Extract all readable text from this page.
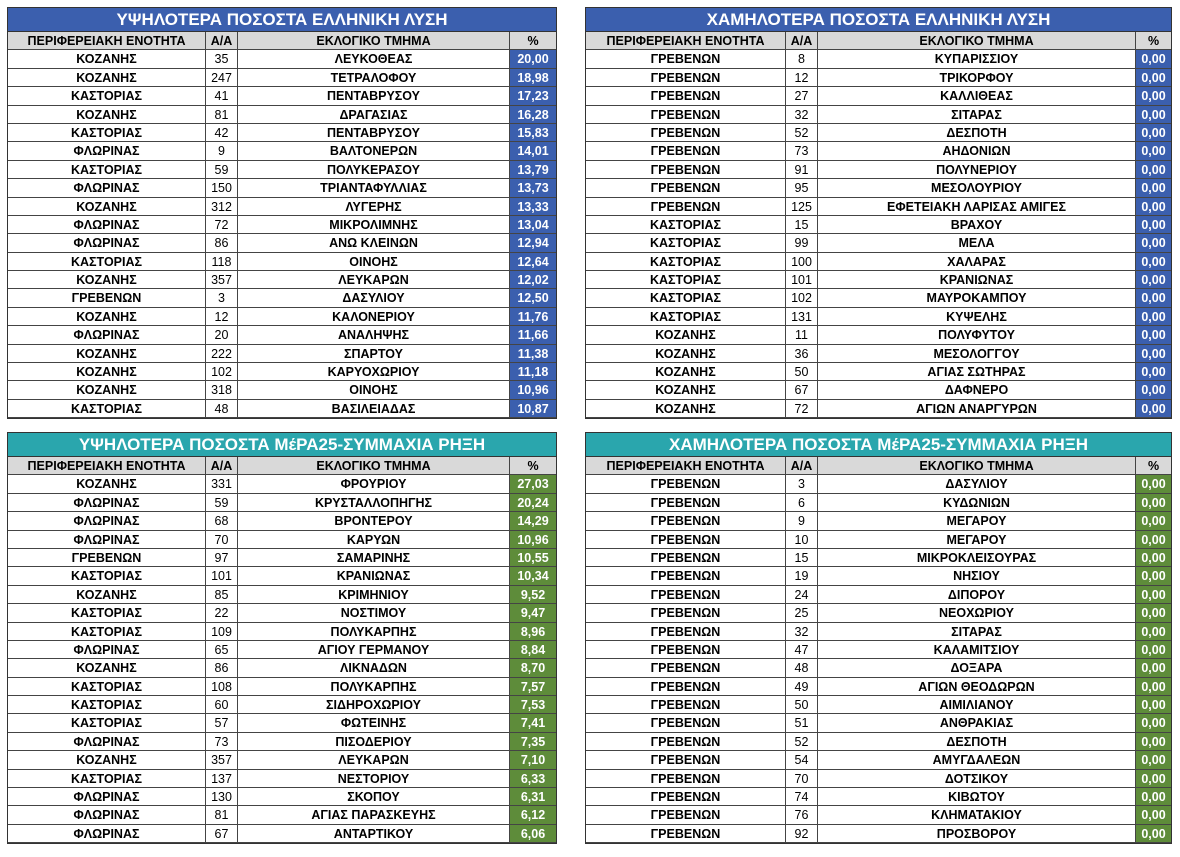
ΥΨΗΛΟΤΕΡΑ ΠΟΣΟΣΤΑ ΕΛΛΗΝΙΚΗ ΛΥΣΗ
ΠΕΡΙΦΕΡΕΙΑΚΗ ΕΝΟΤΗΤΑ	Α/Α	ΕΚΛΟΓΙΚΟ ΤΜΗΜΑ	%
ΚΟΖΑΝΗΣ	35	ΛΕΥΚΟΘΕΑΣ	20,00
ΚΟΖΑΝΗΣ	247	ΤΕΤΡΑΛΟΦΟΥ	18,98
ΚΑΣΤΟΡΙΑΣ	41	ΠΕΝΤΑΒΡΥΣΟΥ	17,23
ΚΟΖΑΝΗΣ	81	ΔΡΑΓΑΣΙΑΣ	16,28
ΚΑΣΤΟΡΙΑΣ	42	ΠΕΝΤΑΒΡΥΣΟΥ	15,83
ΦΛΩΡΙΝΑΣ	9	ΒΑΛΤΟΝΕΡΩΝ	14,01
ΚΑΣΤΟΡΙΑΣ	59	ΠΟΛΥΚΕΡΑΣΟΥ	13,79
ΦΛΩΡΙΝΑΣ	150	ΤΡΙΑΝΤΑΦΥΛΛΙΑΣ	13,73
ΚΟΖΑΝΗΣ	312	ΛΥΓΕΡΗΣ	13,33
ΦΛΩΡΙΝΑΣ	72	ΜΙΚΡΟΛΙΜΝΗΣ	13,04
ΦΛΩΡΙΝΑΣ	86	ΑΝΩ ΚΛΕΙΝΩΝ	12,94
ΚΑΣΤΟΡΙΑΣ	118	ΟΙΝΟΗΣ	12,64
ΚΟΖΑΝΗΣ	357	ΛΕΥΚΑΡΩΝ	12,02
ΓΡΕΒΕΝΩΝ	3	ΔΑΣΥΛΙΟΥ	12,50
ΚΟΖΑΝΗΣ	12	ΚΑΛΟΝΕΡΙΟΥ	11,76
ΦΛΩΡΙΝΑΣ	20	ΑΝΑΛΗΨΗΣ	11,66
ΚΟΖΑΝΗΣ	222	ΣΠΑΡΤΟΥ	11,38
ΚΟΖΑΝΗΣ	102	ΚΑΡΥΟΧΩΡΙΟΥ	11,18
ΚΟΖΑΝΗΣ	318	ΟΙΝΟΗΣ	10,96
ΚΑΣΤΟΡΙΑΣ	48	ΒΑΣΙΛΕΙΑΔΑΣ	10,87
ΧΑΜΗΛΟΤΕΡΑ ΠΟΣΟΣΤΑ ΕΛΛΗΝΙΚΗ ΛΥΣΗ
ΠΕΡΙΦΕΡΕΙΑΚΗ ΕΝΟΤΗΤΑ	Α/Α	ΕΚΛΟΓΙΚΟ ΤΜΗΜΑ	%
ΓΡΕΒΕΝΩΝ	8	ΚΥΠΑΡΙΣΣΙΟΥ	0,00
ΓΡΕΒΕΝΩΝ	12	ΤΡΙΚΟΡΦΟΥ	0,00
ΓΡΕΒΕΝΩΝ	27	ΚΑΛΛΙΘΕΑΣ	0,00
ΓΡΕΒΕΝΩΝ	32	ΣΙΤΑΡΑΣ	0,00
ΓΡΕΒΕΝΩΝ	52	ΔΕΣΠΟΤΗ	0,00
ΓΡΕΒΕΝΩΝ	73	ΑΗΔΟΝΙΩΝ	0,00
ΓΡΕΒΕΝΩΝ	91	ΠΟΛΥΝΕΡΙΟΥ	0,00
ΓΡΕΒΕΝΩΝ	95	ΜΕΣΟΛΟΥΡΙΟΥ	0,00
ΓΡΕΒΕΝΩΝ	125	ΕΦΕΤΕΙΑΚΗ ΛΑΡΙΣΑΣ ΑΜΙΓΕΣ	0,00
ΚΑΣΤΟΡΙΑΣ	15	ΒΡΑΧΟΥ	0,00
ΚΑΣΤΟΡΙΑΣ	99	ΜΕΛΑ	0,00
ΚΑΣΤΟΡΙΑΣ	100	ΧΑΛΑΡΑΣ	0,00
ΚΑΣΤΟΡΙΑΣ	101	ΚΡΑΝΙΩΝΑΣ	0,00
ΚΑΣΤΟΡΙΑΣ	102	ΜΑΥΡΟΚΑΜΠΟΥ	0,00
ΚΑΣΤΟΡΙΑΣ	131	ΚΥΨΕΛΗΣ	0,00
ΚΟΖΑΝΗΣ	11	ΠΟΛΥΦΥΤΟΥ	0,00
ΚΟΖΑΝΗΣ	36	ΜΕΣΟΛΟΓΓΟΥ	0,00
ΚΟΖΑΝΗΣ	50	ΑΓΙΑΣ ΣΩΤΗΡΑΣ	0,00
ΚΟΖΑΝΗΣ	67	ΔΑΦΝΕΡΟ	0,00
ΚΟΖΑΝΗΣ	72	ΑΓΙΩΝ ΑΝΑΡΓΥΡΩΝ	0,00
ΥΨΗΛΟΤΕΡΑ ΠΟΣΟΣΤΑ ΜέΡΑ25-ΣΥΜΜΑΧΙΑ ΡΗΞΗ
ΠΕΡΙΦΕΡΕΙΑΚΗ ΕΝΟΤΗΤΑ	Α/Α	ΕΚΛΟΓΙΚΟ ΤΜΗΜΑ	%
ΚΟΖΑΝΗΣ	331	ΦΡΟΥΡΙΟΥ	27,03
ΦΛΩΡΙΝΑΣ	59	ΚΡΥΣΤΑΛΛΟΠΗΓΗΣ	20,24
ΦΛΩΡΙΝΑΣ	68	ΒΡΟΝΤΕΡΟΥ	14,29
ΦΛΩΡΙΝΑΣ	70	ΚΑΡΥΩΝ	10,96
ΓΡΕΒΕΝΩΝ	97	ΣΑΜΑΡΙΝΗΣ	10,55
ΚΑΣΤΟΡΙΑΣ	101	ΚΡΑΝΙΩΝΑΣ	10,34
ΚΟΖΑΝΗΣ	85	ΚΡΙΜΗΝΙΟΥ	9,52
ΚΑΣΤΟΡΙΑΣ	22	ΝΟΣΤΙΜΟΥ	9,47
ΚΑΣΤΟΡΙΑΣ	109	ΠΟΛΥΚΑΡΠΗΣ	8,96
ΦΛΩΡΙΝΑΣ	65	ΑΓΙΟΥ ΓΕΡΜΑΝΟΥ	8,84
ΚΟΖΑΝΗΣ	86	ΛΙΚΝΑΔΩΝ	8,70
ΚΑΣΤΟΡΙΑΣ	108	ΠΟΛΥΚΑΡΠΗΣ	7,57
ΚΑΣΤΟΡΙΑΣ	60	ΣΙΔΗΡΟΧΩΡΙΟΥ	7,53
ΚΑΣΤΟΡΙΑΣ	57	ΦΩΤΕΙΝΗΣ	7,41
ΦΛΩΡΙΝΑΣ	73	ΠΙΣΟΔΕΡΙΟΥ	7,35
ΚΟΖΑΝΗΣ	357	ΛΕΥΚΑΡΩΝ	7,10
ΚΑΣΤΟΡΙΑΣ	137	ΝΕΣΤΟΡΙΟΥ	6,33
ΦΛΩΡΙΝΑΣ	130	ΣΚΟΠΟΥ	6,31
ΦΛΩΡΙΝΑΣ	81	ΑΓΙΑΣ ΠΑΡΑΣΚΕΥΗΣ	6,12
ΦΛΩΡΙΝΑΣ	67	ΑΝΤΑΡΤΙΚΟΥ	6,06
ΧΑΜΗΛΟΤΕΡΑ ΠΟΣΟΣΤΑ ΜέΡΑ25-ΣΥΜΜΑΧΙΑ ΡΗΞΗ
ΠΕΡΙΦΕΡΕΙΑΚΗ ΕΝΟΤΗΤΑ	Α/Α	ΕΚΛΟΓΙΚΟ ΤΜΗΜΑ	%
ΓΡΕΒΕΝΩΝ	3	ΔΑΣΥΛΙΟΥ	0,00
ΓΡΕΒΕΝΩΝ	6	ΚΥΔΩΝΙΩΝ	0,00
ΓΡΕΒΕΝΩΝ	9	ΜΕΓΑΡΟΥ	0,00
ΓΡΕΒΕΝΩΝ	10	ΜΕΓΑΡΟΥ	0,00
ΓΡΕΒΕΝΩΝ	15	ΜΙΚΡΟΚΛΕΙΣΟΥΡΑΣ	0,00
ΓΡΕΒΕΝΩΝ	19	ΝΗΣΙΟΥ	0,00
ΓΡΕΒΕΝΩΝ	24	ΔΙΠΟΡΟΥ	0,00
ΓΡΕΒΕΝΩΝ	25	ΝΕΟΧΩΡΙΟΥ	0,00
ΓΡΕΒΕΝΩΝ	32	ΣΙΤΑΡΑΣ	0,00
ΓΡΕΒΕΝΩΝ	47	ΚΑΛΑΜΙΤΣΙΟΥ	0,00
ΓΡΕΒΕΝΩΝ	48	ΔΟΞΑΡΑ	0,00
ΓΡΕΒΕΝΩΝ	49	ΑΓΙΩΝ ΘΕΟΔΩΡΩΝ	0,00
ΓΡΕΒΕΝΩΝ	50	ΑΙΜΙΛΙΑΝΟΥ	0,00
ΓΡΕΒΕΝΩΝ	51	ΑΝΘΡΑΚΙΑΣ	0,00
ΓΡΕΒΕΝΩΝ	52	ΔΕΣΠΟΤΗ	0,00
ΓΡΕΒΕΝΩΝ	54	ΑΜΥΓΔΑΛΕΩΝ	0,00
ΓΡΕΒΕΝΩΝ	70	ΔΟΤΣΙΚΟΥ	0,00
ΓΡΕΒΕΝΩΝ	74	ΚΙΒΩΤΟΥ	0,00
ΓΡΕΒΕΝΩΝ	76	ΚΛΗΜΑΤΑΚΙΟΥ	0,00
ΓΡΕΒΕΝΩΝ	92	ΠΡΟΣΒΟΡΟΥ	0,00
